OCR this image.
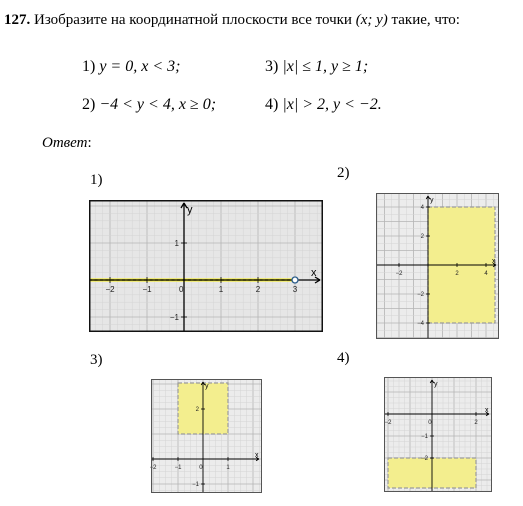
127. Изобразите на координатной плоскости все точки (x; y) такие, что:
1) y = 0, x < 3;
2) −4 < y < 4, x ≥ 0;
3) |x| ≤ 1, y ≥ 1;
4) |x| > 2, y < −2.
Ответ:
1)	2)
3)	4)
x
y
−2	−1	0	1	2	3
1
−1
x
y
−2	2	4
4
2
−2
−4
x
y
−2	−1	0	1
2
−1
x
y
−2	0	2
−1
−2
